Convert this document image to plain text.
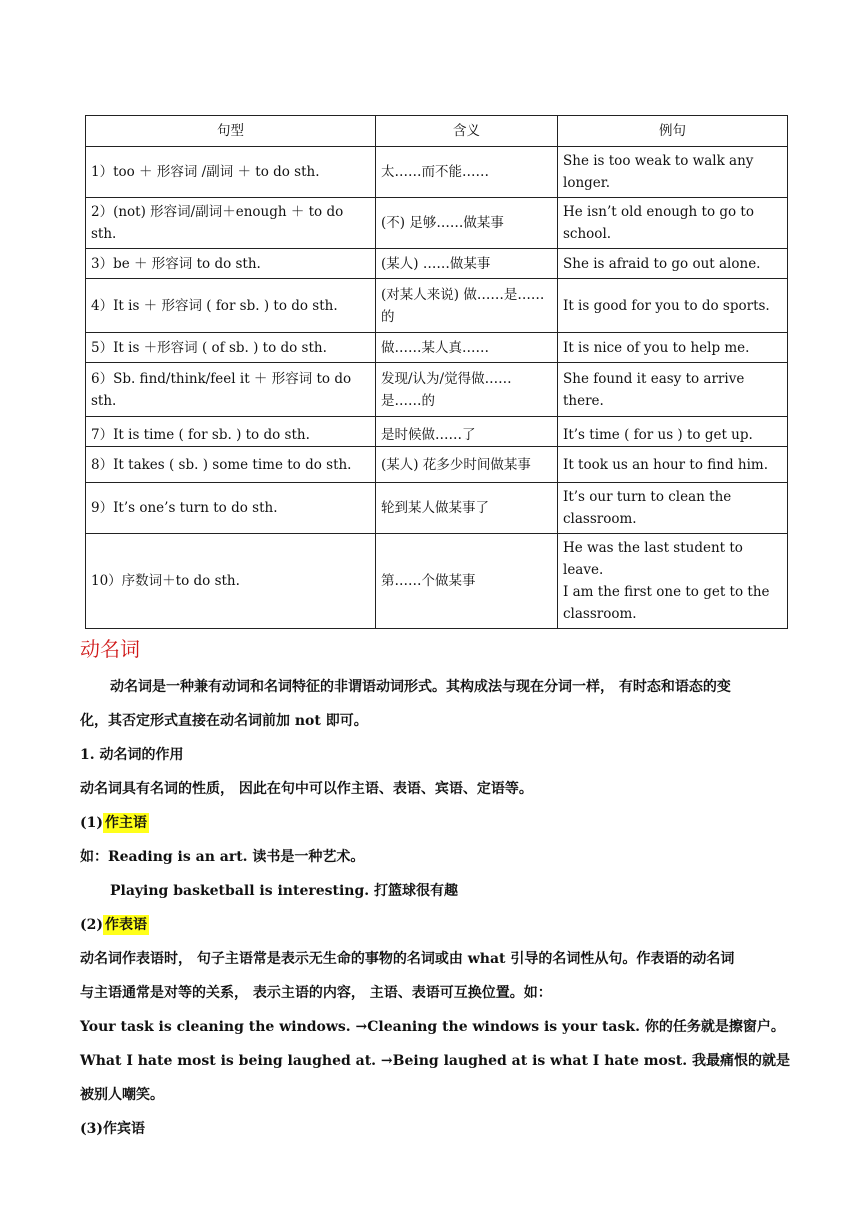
句型	含义	例句
1）too ＋ 形容词 /副词 ＋ to do sth.	太……而不能……	She is too weak to walk any longer.
2）(not) 形容词/副词＋enough ＋ to do sth.	(不) 足够……做某事	He isn’t old enough to go to school.
3）be ＋ 形容词 to do sth.	(某人) ……做某事	She is afraid to go out alone.
4）It is ＋ 形容词 ( for sb. ) to do sth.	(对某人来说) 做……是……的	It is good for you to do sports.
5）It is ＋形容词 ( of sb. ) to do sth.	做……某人真……	It is nice of you to help me.
6）Sb. find/think/feel it ＋ 形容词 to do sth.	发现/认为/觉得做……是……的	She found it easy to arrive there.
7）It is time ( for sb. ) to do sth.	是时候做……了	It’s time ( for us ) to get up.
8）It takes ( sb. ) some time to do sth.	(某人) 花多少时间做某事	It took us an hour to find him.
9）It’s one’s turn to do sth.	轮到某人做某事了	It’s our turn to clean the classroom.
10）序数词＋to do sth.	第……个做某事	He was the last student to leave.
I am the first one to get to the classroom.
动名词

动名词是一种兼有动词和名词特征的非谓语动词形式。其构成法与现在分词一样， 有时态和语态的变

化，其否定形式直接在动名词前加 not 即可。

1. 动名词的作用

动名词具有名词的性质， 因此在句中可以作主语、表语、宾语、定语等。

(1) 作主语

如：Reading is an art. 读书是一种艺术。

Playing basketball is interesting. 打篮球很有趣

(2) 作表语

动名词作表语时， 句子主语常是表示无生命的事物的名词或由 what 引导的名词性从句。作表语的动名词

与主语通常是对等的关系， 表示主语的内容， 主语、表语可互换位置。如：

Your task is cleaning the windows. →Cleaning the windows is your task. 你的任务就是擦窗户。

What I hate most is being laughed at. →Being laughed at is what I hate most. 我最痛恨的就是被别人嘲笑。

(3)作宾语
